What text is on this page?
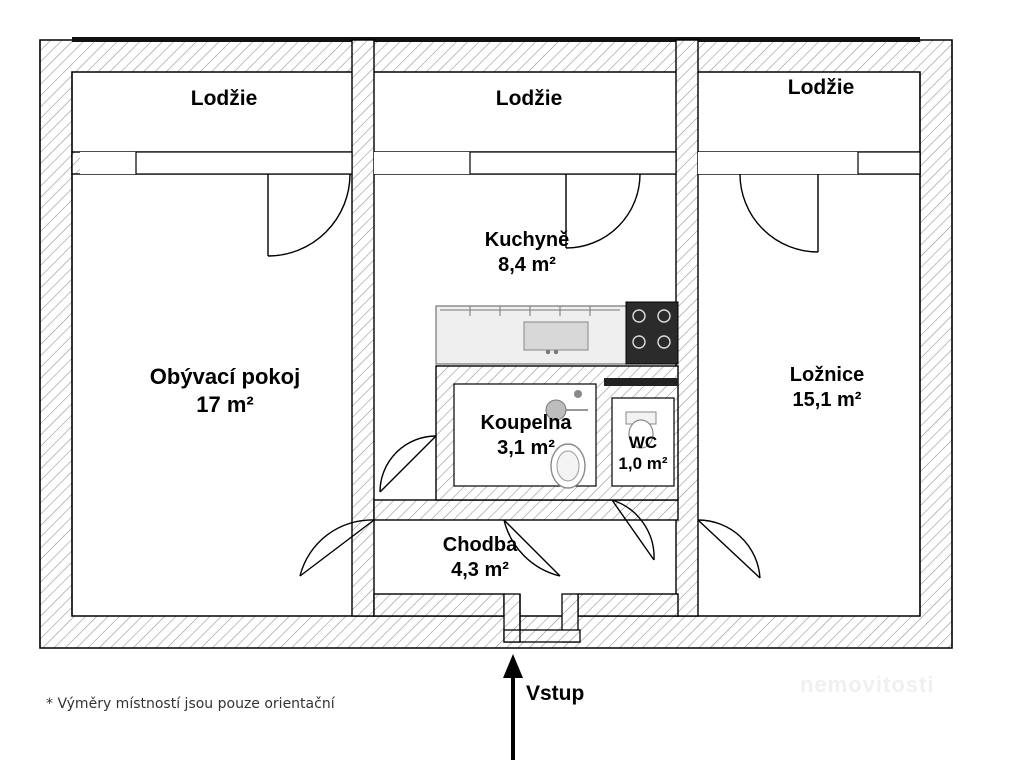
Lodžie	Lodžie	Lodžie
Obývací pokoj
17 m²
Kuchyně
8,4 m²
Ložnice
15,1 m²
Koupelna
3,1 m²	WC
1,0 m²
Chodba
4,3 m²
Vstup
* Výměry místností jsou pouze orientační
nemovitosti
